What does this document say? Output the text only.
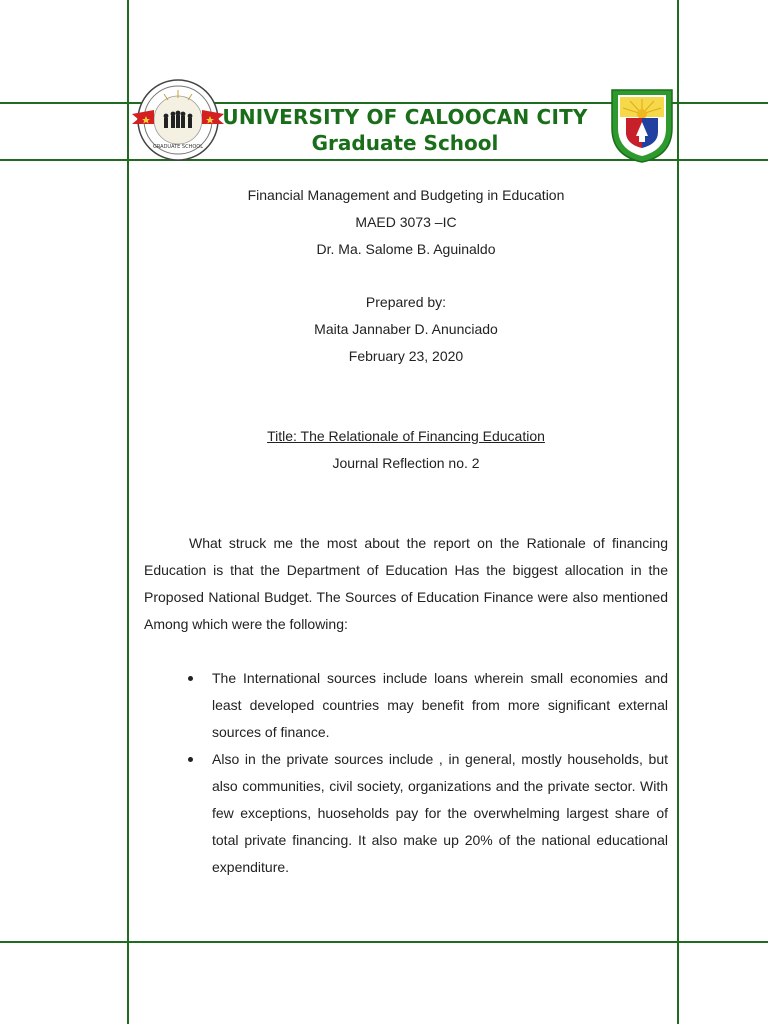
GRADUATE SCHOOL
UNIVERSITY OF CALOOCAN CITY
Graduate School
Financial Management and Budgeting in Education
MAED 3073 –IC
Dr. Ma. Salome B. Aguinaldo
Prepared by:
Maita Jannaber D. Anunciado
February 23, 2020
Title: The Relationale of Financing Education
Journal Reflection no. 2

What struck me the most about the report on the Rationale of financing Education is that the Department of Education Has the biggest allocation in the Proposed National Budget. The Sources of Education Finance were also mentioned Among which were the following:

The International sources include loans wherein small economies and least developed countries may benefit from more significant external sources of finance.
Also in the private sources include , in general, mostly households, but also communities, civil society, organizations and the private sector. With few exceptions, huoseholds pay for the overwhelming largest share of total private financing. It also make up 20% of the national educational expenditure.
